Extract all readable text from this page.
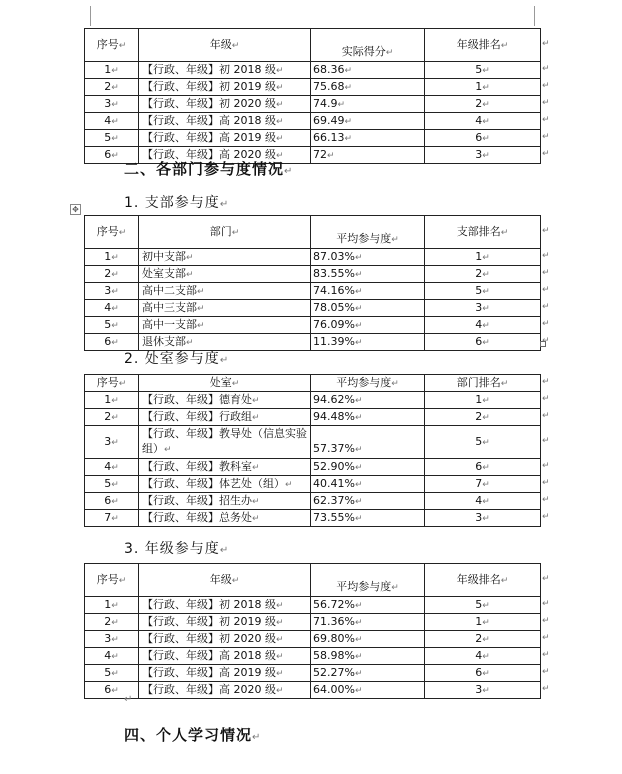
序号↵	年级↵	实际得分↵	年级排名↵
1↵	【行政、年级】初 2018 级↵	68.36↵	5↵
2↵	【行政、年级】初 2019 级↵	75.68↵	1↵
3↵	【行政、年级】初 2020 级↵	74.9↵	2↵
4↵	【行政、年级】高 2018 级↵	69.49↵	4↵
5↵	【行政、年级】高 2019 级↵	66.13↵	6↵
6↵	【行政、年级】高 2020 级↵	72↵	3↵
二、各部门参与度情况↵
1. 支部参与度↵
✥
序号↵	部门↵	平均参与度↵	支部排名↵
1↵	初中支部↵	87.03%↵	1↵
2↵	处室支部↵	83.55%↵	2↵
3↵	高中二支部↵	74.16%↵	5↵
4↵	高中三支部↵	78.05%↵	3↵
5↵	高中一支部↵	76.09%↵	4↵
6↵	退休支部↵	11.39%↵	6↵
2. 处室参与度↵
序号↵	处室↵	平均参与度↵	部门排名↵
1↵	【行政、年级】德育处↵	94.62%↵	1↵
2↵	【行政、年级】行政组↵	94.48%↵	2↵
3↵	【行政、年级】教导处（信息实验组）↵	57.37%↵	5↵
4↵	【行政、年级】教科室↵	52.90%↵	6↵
5↵	【行政、年级】体艺处（组）↵	40.41%↵	7↵
6↵	【行政、年级】招生办↵	62.37%↵	4↵
7↵	【行政、年级】总务处↵	73.55%↵	3↵
3. 年级参与度↵
序号↵	年级↵	平均参与度↵	年级排名↵
1↵	【行政、年级】初 2018 级↵	56.72%↵	5↵
2↵	【行政、年级】初 2019 级↵	71.36%↵	1↵
3↵	【行政、年级】初 2020 级↵	69.80%↵	2↵
4↵	【行政、年级】高 2018 级↵	58.98%↵	4↵
5↵	【行政、年级】高 2019 级↵	52.27%↵	6↵
6↵	【行政、年级】高 2020 级↵	64.00%↵	3↵
↵
四、个人学习情况↵
↵
↵
↵
↵
↵
↵
↵
↵
↵
↵
↵
↵
↵
↵
↵
↵
↵
↵
↵
↵
↵
↵
↵
↵
↵
↵
↵
↵
↵
